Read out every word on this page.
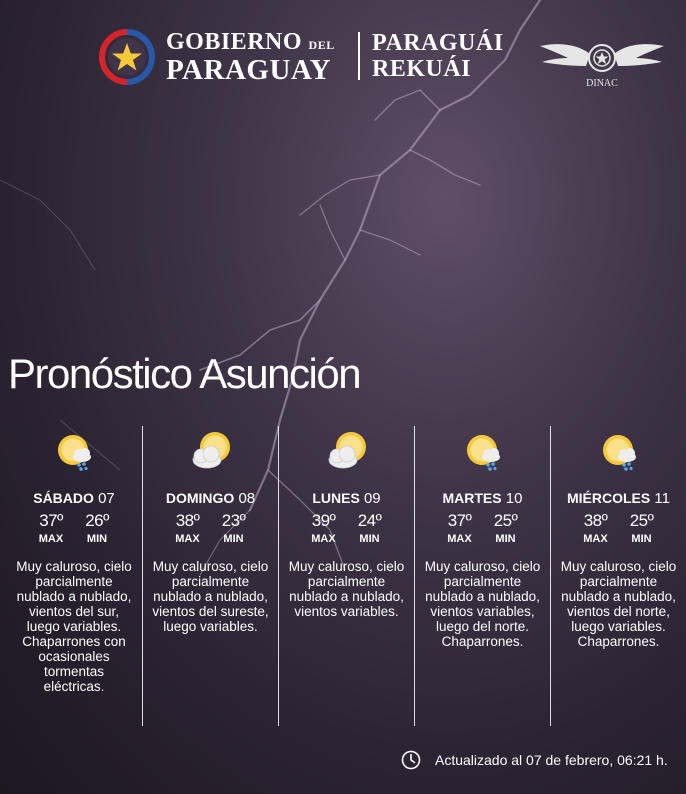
GOBIERNO DEL
PARAGUAY
PARAGUÁI
REKUÁI
DINAC
Pronóstico Asunción
SÁBADO 07
37º
MAX
26º
MIN
Muy caluroso, cielo parcialmente nublado a nublado, vientos del sur, luego variables. Chaparrones con ocasionales tormentas eléctricas.
DOMINGO 08
38º
MAX
23º
MIN
Muy caluroso, cielo parcialmente nublado a nublado, vientos del sureste, luego variables.
LUNES 09
39º
MAX
24º
MIN
Muy caluroso, cielo parcialmente nublado a nublado, vientos variables.
MARTES 10
37º
MAX
25º
MIN
Muy caluroso, cielo parcialmente nublado a nublado, vientos variables, luego del norte. Chaparrones.
MIÉRCOLES 11
38º
MAX
25º
MIN
Muy caluroso, cielo parcialmente nublado a nublado, vientos del norte, luego variables. Chaparrones.
Actualizado al 07 de febrero, 06:21 h.
